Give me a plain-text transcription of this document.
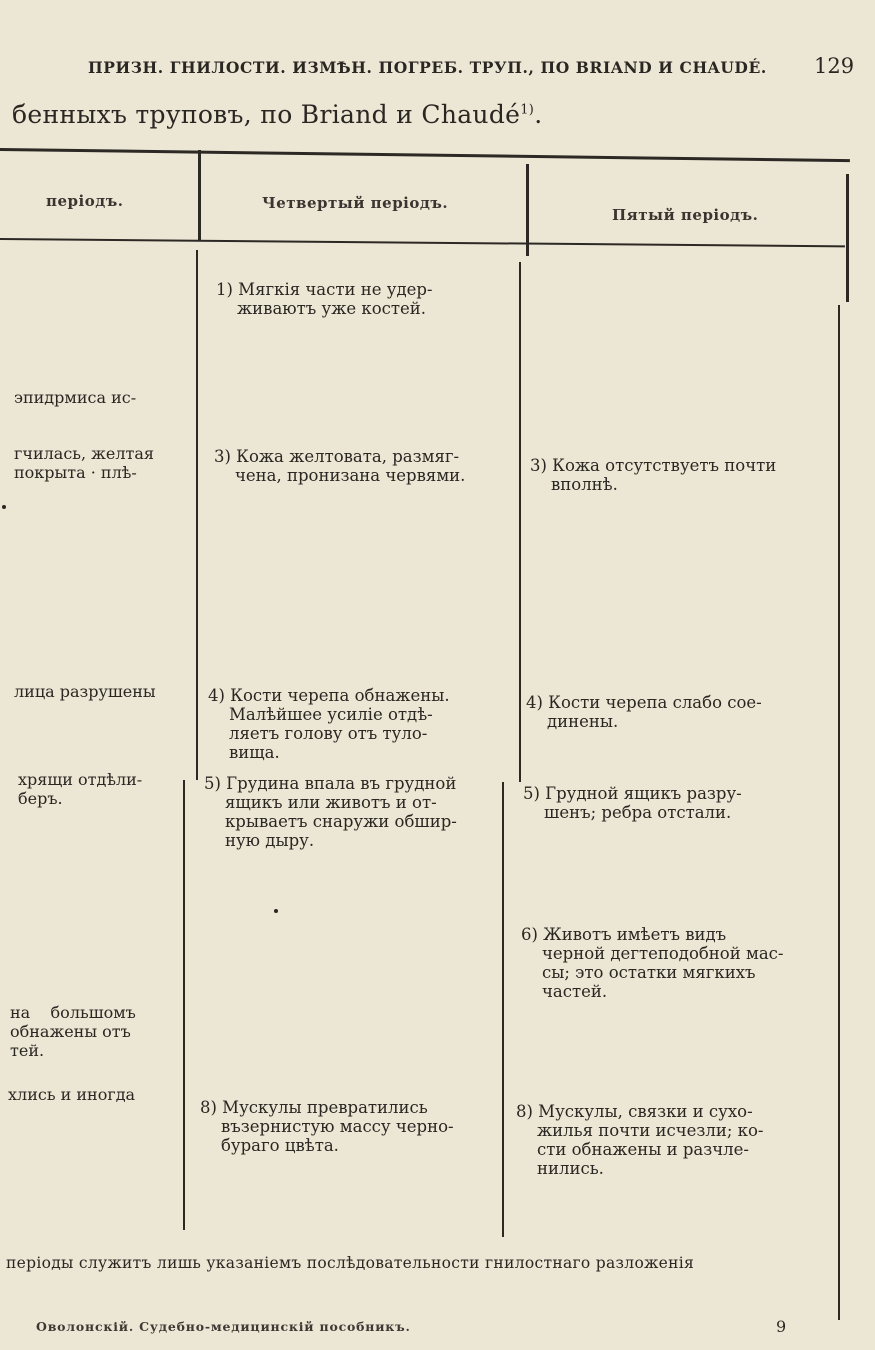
ПРИЗН. ГНИЛОСТИ. ИЗМѢН. ПОГРЕБ. ТРУП., ПО BRIAND И CHAUDÉ. 129
бенныхъ труповъ, по Briand и Chaudé$^{1)}$.
періодъ.	Четвертый періодъ.
Пятый періодъ.
эпидрмиса ис-
гчилась, желтая
покрыта · плѣ-
лица разрушены
хрящи отдѣли-
беръ.
на    большомъ
обнажены отъ
тей.
хлись и иногда
1) Мягкія части не удер-
живаютъ уже костей.
3) Кожа желтовата, размяг-
чена, пронизана червями.
4) Кости черепа обнажены.
Малѣйшее усиліе отдѣ-
ляетъ голову отъ туло-
вища.
5) Грудина впала въ грудной
ящикъ или животъ и от-
крываетъ снаружи обшир-
ную дыру.
8) Мускулы превратились
възернистую массу черно-
бураго цвѣта.
3) Кожа отсутствуетъ почти
вполнѣ.
4) Кости черепа слабо сое-
динены.
5) Грудной ящикъ разру-
шенъ; ребра отстали.
6) Животъ имѣетъ видъ
черной дегтеподобной мас-
сы; это остатки мягкихъ
частей.
8) Мускулы, связки и сухо-
жилья почти исчезли; ко-
сти обнажены и разчле-
нились.
періоды служитъ лишь указаніемъ послѣдовательности гнилостнаго разложенія
Оволонскій. Судебно-медицинскій пособникъ.	9
